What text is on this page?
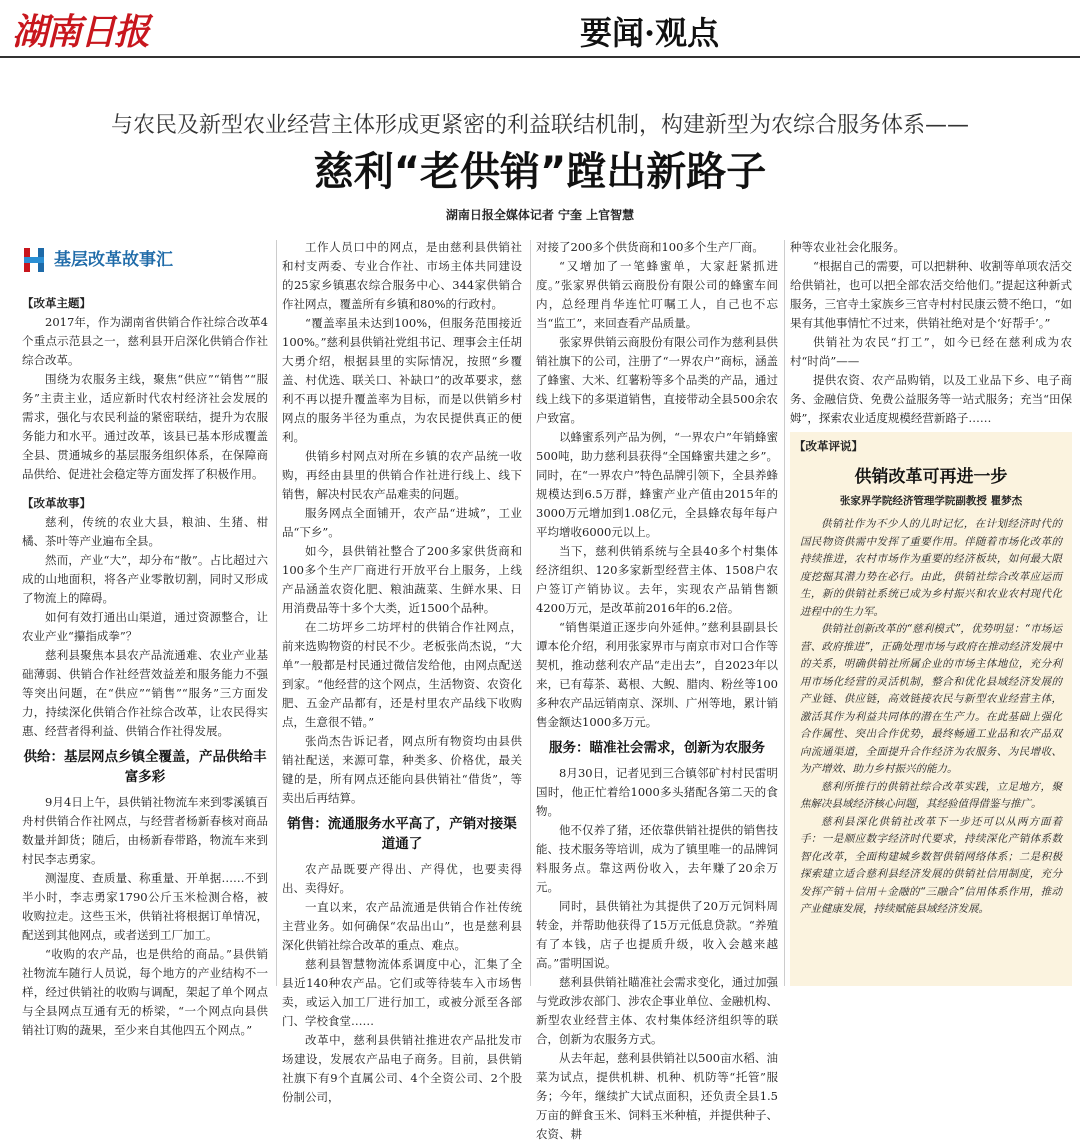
湖南日报	要闻·观点
与农民及新型农业经营主体形成更紧密的利益联结机制，构建新型为农综合服务体系——
慈利“老供销”蹚出新路子
湖南日报全媒体记者 宁奎 上官智慧
基层改革故事汇

【改革主题】

2017年，作为湖南省供销合作社综合改革4个重点示范县之一，慈利县开启深化供销合作社综合改革。

围绕为农服务主线，聚焦“供应”“销售”“服务”主责主业，适应新时代农村经济社会发展的需求，强化与农民利益的紧密联结，提升为农服务能力和水平。通过改革，该县已基本形成覆盖全县、贯通城乡的基层服务组织体系，在保障商品供给、促进社会稳定等方面发挥了积极作用。

【改革故事】

慈利，传统的农业大县，粮油、生猪、柑橘、茶叶等产业遍布全县。

然而，产业“大”，却分布“散”。占比超过六成的山地面积，将各产业零散切割，同时又形成了物流上的障碍。

如何有效打通出山渠道，通过资源整合，让农业产业“攥指成拳”？

慈利县聚焦本县农产品流通难、农业产业基础薄弱、供销合作社经营效益差和服务能力不强等突出问题，在“供应”“销售”“服务”三方面发力，持续深化供销合作社综合改革，让农民得实惠、经营者得利益、供销合作社得发展。

供给：基层网点乡镇全覆盖，产品供给丰富多彩

9月4日上午，县供销社物流车来到零溪镇百舟村供销合作社网点，与经营者杨新春核对商品数量并卸货；随后，由杨新春带路，物流车来到村民李志勇家。

测湿度、查质量、称重量、开单据……不到半小时，李志勇家1790公斤玉米检测合格，被收购拉走。这些玉米，供销社将根据订单情况，配送到其他网点，或者送到工厂加工。

“收购的农产品，也是供给的商品。”县供销社物流车随行人员说，每个地方的产业结构不一样，经过供销社的收购与调配，架起了单个网点与全县网点互通有无的桥梁，“一个网点向县供销社订购的蔬果，至少来自其他四五个网点。”

工作人员口中的网点，是由慈利县供销社和村支两委、专业合作社、市场主体共同建设的25家乡镇惠农综合服务中心、344家供销合作社网点，覆盖所有乡镇和80%的行政村。

“覆盖率虽未达到100%，但服务范围接近100%。”慈利县供销社党组书记、理事会主任胡大勇介绍，根据县里的实际情况，按照“乡覆盖、村优选、联关口、补缺口”的改革要求，慈利不再以提升覆盖率为目标，而是以供销乡村网点的服务半径为重点，为农民提供真正的便利。

供销乡村网点对所在乡镇的农产品统一收购，再经由县里的供销合作社进行线上、线下销售，解决村民农产品难卖的问题。

服务网点全面铺开，农产品“进城”，工业品“下乡”。

如今，县供销社整合了200多家供货商和100多个生产厂商进行开放平台上服务，上线产品涵盖农资化肥、粮油蔬菜、生鲜水果、日用消费品等十多个大类，近1500个品种。

在二坊坪乡二坊坪村的供销合作社网点，前来选购物资的村民不少。老板张尚杰说，“大单”一般都是村民通过微信发给他，由网点配送到家。“他经营的这个网点，生活物资、农资化肥、五金产品都有，还是村里农产品线下收购点，生意很不错。”

张尚杰告诉记者，网点所有物资均由县供销社配送，来源可靠，种类多、价格优，最关键的是，所有网点还能向县供销社“借货”，等卖出后再结算。

销售：流通服务水平高了，产销对接渠道通了

农产品既要产得出、产得优，也要卖得出、卖得好。

一直以来，农产品流通是供销合作社传统主营业务。如何确保“农品出山”，也是慈利县深化供销社综合改革的重点、难点。

慈利县智慧物流体系调度中心，汇集了全县近140种农产品。它们或等待装车入市场售卖，或运入加工厂进行加工，或被分派至各部门、学校食堂……

改革中，慈利县供销社推进农产品批发市场建设，发展农产品电子商务。目前，县供销社旗下有9个直属公司、4个全资公司、2个股份制公司，

对接了200多个供货商和100多个生产厂商。

“又增加了一笔蜂蜜单，大家赶紧抓进度。”张家界供销云商股份有限公司的蜂蜜车间内，总经理肖华连忙叮嘱工人，自己也不忘当“监工”，来回查看产品质量。

张家界供销云商股份有限公司作为慈利县供销社旗下的公司，注册了“一界农户”商标，涵盖了蜂蜜、大米、红薯粉等多个品类的产品，通过线上线下的多渠道销售，直接带动全县500余农户致富。

以蜂蜜系列产品为例，“一界农户”年销蜂蜜500吨，助力慈利县获得“全国蜂蜜共建之乡”。同时，在“一界农户”特色品牌引领下，全县养蜂规模达到6.5万群，蜂蜜产业产值由2015年的3000万元增加到1.08亿元，全县蜂农每年每户平均增收6000元以上。

当下，慈利供销系统与全县40多个村集体经济组织、120多家新型经营主体、1508户农户签订产销协议。去年，实现农产品销售额4200万元，是改革前2016年的6.2倍。

“销售渠道正逐步向外延伸。”慈利县副县长谭本伦介绍，利用张家界市与南京市对口合作等契机，推动慈利农产品“走出去”，自2023年以来，已有莓茶、葛根、大鲵、腊肉、粉丝等100多种农产品远销南京、深圳、广州等地，累计销售金额达1000多万元。

服务：瞄准社会需求，创新为农服务

8月30日，记者见到三合镇邻矿村村民雷明国时，他正忙着给1000多头猪配各第二天的食物。

他不仅养了猪，还依靠供销社提供的销售技能、技术服务等培训，成为了镇里唯一的品牌饲料服务点。靠这两份收入，去年赚了20余万元。

同时，县供销社为其提供了20万元饲料周转金，并帮助他获得了15万元低息贷款。“养殖有了本钱，店子也提质升级，收入会越来越高。”雷明国说。

慈利县供销社瞄准社会需求变化，通过加强与党政涉农部门、涉农企事业单位、金融机构、新型农业经营主体、农村集体经济组织等的联合，创新为农服务方式。

从去年起，慈利县供销社以500亩水稻、油菜为试点，提供机耕、机种、机防等“托管”服务；今年，继续扩大试点面积，还负责全县1.5万亩的鲜食玉米、饲料玉米种植，并提供种子、农资、耕

种等农业社会化服务。

“根据自己的需要，可以把耕种、收割等单项农活交给供销社，也可以把全部农活交给他们。”提起这种新式服务，三官寺土家族乡三官寺村村民康云赞不绝口，“如果有其他事情忙不过来，供销社绝对是个‘好帮手’。”

供销社为农民“打工”，如今已经在慈利成为农村“时尚”——

提供农资、农产品购销，以及工业品下乡、电子商务、金融信贷、免费公益服务等一站式服务；充当“田保姆”，探索农业适度规模经营新路子……

【改革评说】
供销改革可再进一步
张家界学院经济管理学院副教授 瞿梦杰

供销社作为不少人的儿时记忆，在计划经济时代的国民物资供需中发挥了重要作用。伴随着市场化改革的持续推进，农村市场作为重要的经济板块，如何最大限度挖掘其潜力势在必行。由此，供销社综合改革应运而生，新的供销社系统已成为乡村振兴和农业农村现代化进程中的生力军。

供销社创新改革的“慈利模式”，优势明显：“市场运营、政府推进”，正确处理市场与政府在推动经济发展中的关系，明确供销社所属企业的市场主体地位，充分利用市场化经营的灵活机制，整合和优化县域经济发展的产业链、供应链，高效链接农民与新型农业经营主体，激活其作为利益共同体的潜在生产力。在此基础上强化合作属性、突出合作优势，最终畅通工业品和农产品双向流通渠道，全面提升合作经济为农服务、为民增收、为产增效、助力乡村振兴的能力。

慈利所推行的供销社综合改革实践，立足地方，聚焦解决县域经济核心问题，其经验值得借鉴与推广。

慈利县深化供销社改革下一步还可以从两方面着手：一是顺应数字经济时代要求，持续深化产销体系数智化改革，全面构建城乡数智供销网络体系；二是积极探索建立适合慈利县经济发展的供销社信用制度，充分发挥产销＋信用＋金融的“三融合”信用体系作用，推动产业健康发展，持续赋能县域经济发展。
